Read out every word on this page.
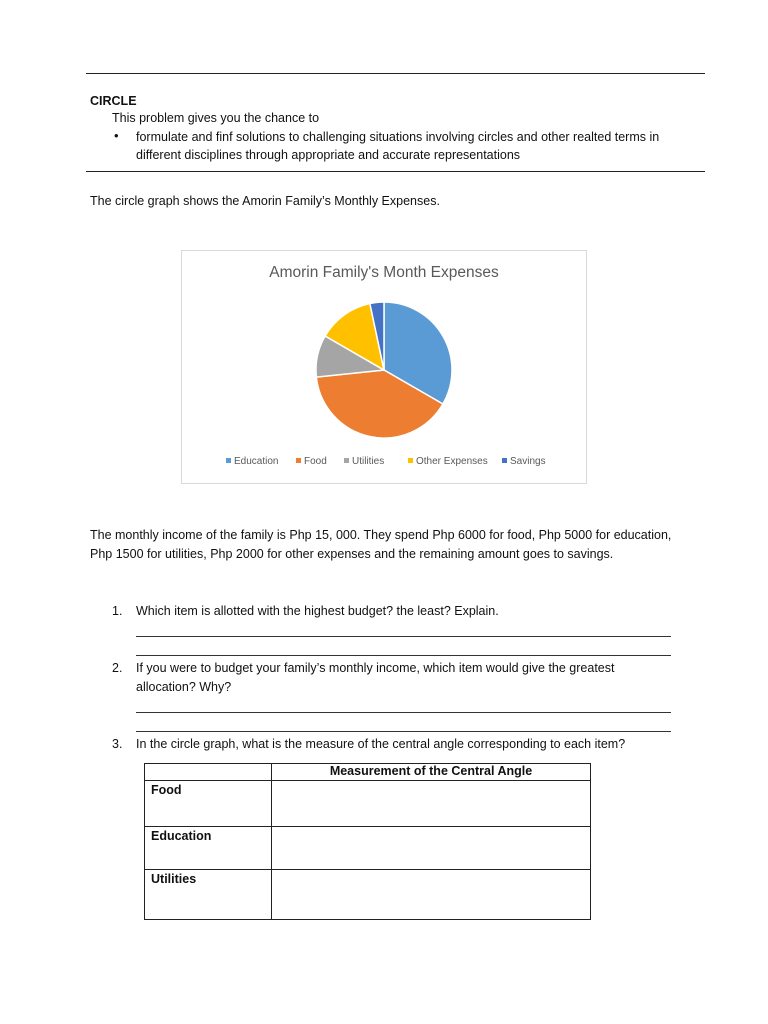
CIRCLE
This problem gives you the chance to
• formulate and finf solutions to challenging situations involving circles and other realted terms in
different disciplines through appropriate and accurate representations
The circle graph shows the Amorin Family’s Monthly Expenses.
Amorin Family's Month Expenses
Education	Food	Utilities	Other Expenses Savings
The monthly income of the family is Php 15, 000. They spend Php 6000 for food, Php 5000 for education,
Php 1500 for utilities, Php 2000 for other expenses and the remaining amount goes to savings.
1. Which item is allotted with the highest budget? the least? Explain.
2. If you were to budget your family’s monthly income, which item would give the greatest
allocation? Why?
3. In the circle graph, what is the measure of the central angle corresponding to each item?
	Measurement of the Central Angle
Food	
Education	
Utilities	
